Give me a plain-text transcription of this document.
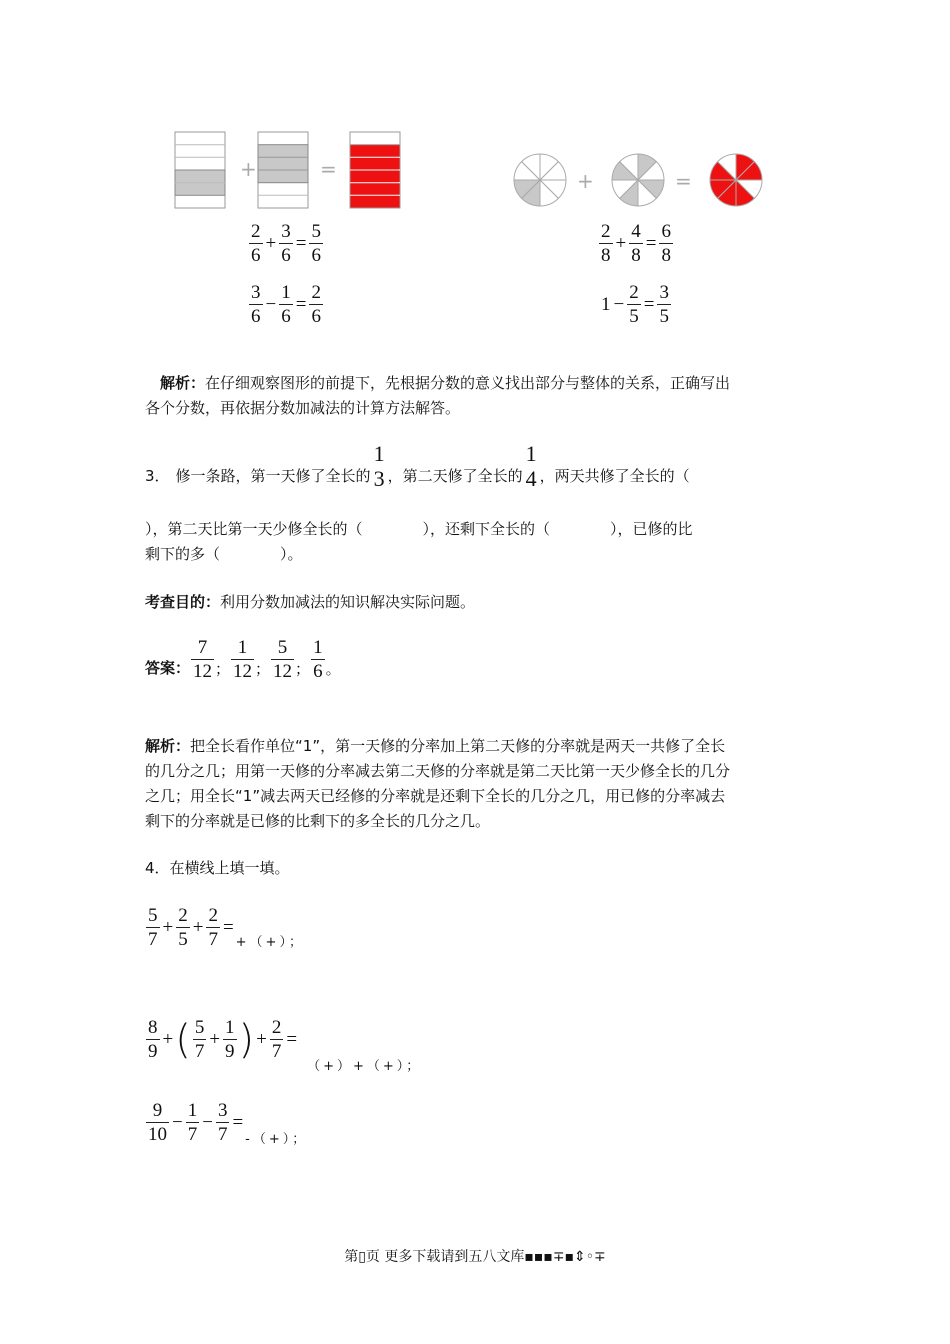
+	=	+	=
$\frac{2}{6} + \frac{3}{6} = \frac{5}{6}$
$\frac{3}{6} - \frac{1}{6} = \frac{2}{6}$
$\frac{2}{8} + \frac{4}{8} = \frac{6}{8}$
$1 - \frac{2}{5} = \frac{3}{5}$
解析：在仔细观察图形的前提下，先根据分数的意义找出部分与整体的关系，正确写出
各个分数，再依据分数加减法的计算方法解答。
3． 修一条路，第一天修了全长的
1
3 ，第二天修了全长的
1
4 ，两天共修了全长的（
），第二天比第一天少修全长的（　　　　），还剩下全长的（　　　　），已修的比
剩下的多（　　　　）。
考查目的：利用分数加减法的知识解决实际问题。
答案： $\frac{7}{12}$ ； $\frac{1}{12}$ ； $\frac{5}{12}$ ； $\frac{1}{6}$ 。
解析：把全长看作单位“1”，第一天修的分率加上第二天修的分率就是两天一共修了全长
的几分之几；用第一天修的分率减去第二天修的分率就是第二天比第一天少修全长的几分
之几；用全长“1”减去两天已经修的分率就是还剩下全长的几分之几，用已修的分率减去
剩下的分率就是已修的比剩下的多全长的几分之几。
4．在横线上填一填。
$\frac{5}{7} + \frac{2}{5} + \frac{2}{7}$ =
+（+）；
$\frac{8}{9}$ + ( $\frac{5}{7} + \frac{1}{9}$ ) + $\frac{2}{7}$ =
（+）+（+）；
$\frac{9}{10} - \frac{1}{7} - \frac{3}{7}$ =
-（+）；
第▯页 更多下载请到五八文库▪▪▪∓▪⇕◦∓
